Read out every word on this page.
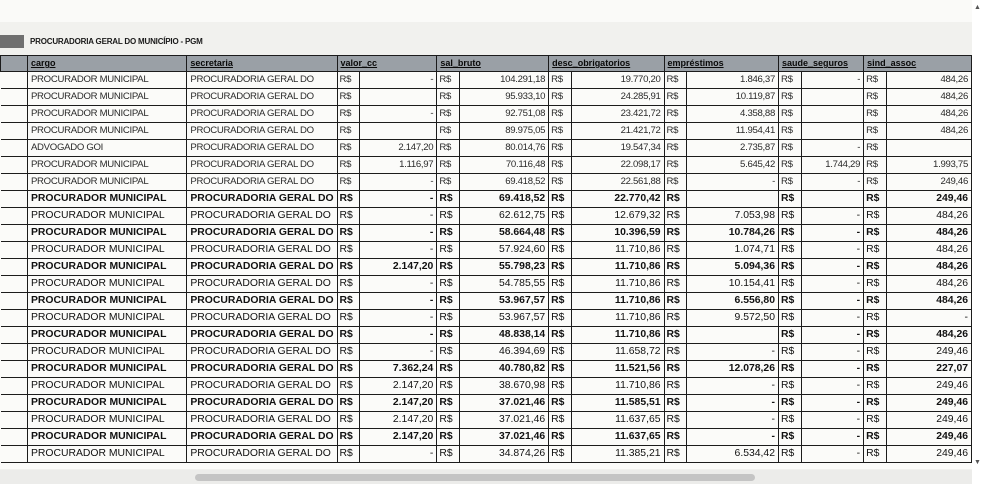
PROCURADORIA GERAL DO MUNICÍPIO - PGM
	cargo	secretaria	valor_cc		sal_bruto		desc_obrigatorios		empréstimos		saude_seguros		sind_assoc	
	PROCURADOR MUNICIPAL	PROCURADORIA GERAL DO	R$	-	R$	104.291,18	R$	19.770,20	R$	1.846,37	R$	-	R$	484,26
	PROCURADOR MUNICIPAL	PROCURADORIA GERAL DO	R$		R$	95.933,10	R$	24.285,91	R$	10.119,87	R$		R$	484,26
	PROCURADOR MUNICIPAL	PROCURADORIA GERAL DO	R$	-	R$	92.751,08	R$	23.421,72	R$	4.358,88	R$		R$	484,26
	PROCURADOR MUNICIPAL	PROCURADORIA GERAL DO	R$		R$	89.975,05	R$	21.421,72	R$	11.954,41	R$		R$	484,26
	ADVOGADO GOI	PROCURADORIA GERAL DO	R$	2.147,20	R$	80.014,76	R$	19.547,34	R$	2.735,87	R$	-	R$	
	PROCURADOR MUNICIPAL	PROCURADORIA GERAL DO	R$	1.116,97	R$	70.116,48	R$	22.098,17	R$	5.645,42	R$	1.744,29	R$	1.993,75
	PROCURADOR MUNICIPAL	PROCURADORIA GERAL DO	R$	-	R$	69.418,52	R$	22.561,88	R$	-	R$	-	R$	249,46
	PROCURADOR MUNICIPAL	PROCURADORIA GERAL DO	R$	-	R$	69.418,52	R$	22.770,42	R$		R$		R$	249,46
	PROCURADOR MUNICIPAL	PROCURADORIA GERAL DO	R$	-	R$	62.612,75	R$	12.679,32	R$	7.053,98	R$	-	R$	484,26
	PROCURADOR MUNICIPAL	PROCURADORIA GERAL DO	R$	-	R$	58.664,48	R$	10.396,59	R$	10.784,26	R$	-	R$	484,26
	PROCURADOR MUNICIPAL	PROCURADORIA GERAL DO	R$	-	R$	57.924,60	R$	11.710,86	R$	1.074,71	R$	-	R$	484,26
	PROCURADOR MUNICIPAL	PROCURADORIA GERAL DO	R$	2.147,20	R$	55.798,23	R$	11.710,86	R$	5.094,36	R$	-	R$	484,26
	PROCURADOR MUNICIPAL	PROCURADORIA GERAL DO	R$	-	R$	54.785,55	R$	11.710,86	R$	10.154,41	R$	-	R$	484,26
	PROCURADOR MUNICIPAL	PROCURADORIA GERAL DO	R$	-	R$	53.967,57	R$	11.710,86	R$	6.556,80	R$	-	R$	484,26
	PROCURADOR MUNICIPAL	PROCURADORIA GERAL DO	R$	-	R$	53.967,57	R$	11.710,86	R$	9.572,50	R$	-	R$	-
	PROCURADOR MUNICIPAL	PROCURADORIA GERAL DO	R$	-	R$	48.838,14	R$	11.710,86	R$		R$	-	R$	484,26
	PROCURADOR MUNICIPAL	PROCURADORIA GERAL DO	R$	-	R$	46.394,69	R$	11.658,72	R$	-	R$	-	R$	249,46
	PROCURADOR MUNICIPAL	PROCURADORIA GERAL DO	R$	7.362,24	R$	40.780,82	R$	11.521,56	R$	12.078,26	R$	-	R$	227,07
	PROCURADOR MUNICIPAL	PROCURADORIA GERAL DO	R$	2.147,20	R$	38.670,98	R$	11.710,86	R$	-	R$	-	R$	249,46
	PROCURADOR MUNICIPAL	PROCURADORIA GERAL DO	R$	2.147,20	R$	37.021,46	R$	11.585,51	R$	-	R$	-	R$	249,46
	PROCURADOR MUNICIPAL	PROCURADORIA GERAL DO	R$	2.147,20	R$	37.021,46	R$	11.637,65	R$	-	R$	-	R$	249,46
	PROCURADOR MUNICIPAL	PROCURADORIA GERAL DO	R$	2.147,20	R$	37.021,46	R$	11.637,65	R$	-	R$	-	R$	249,46
	PROCURADOR MUNICIPAL	PROCURADORIA GERAL DO	R$	-	R$	34.874,26	R$	11.385,21	R$	6.534,42	R$	-	R$	249,46
▲
▼
